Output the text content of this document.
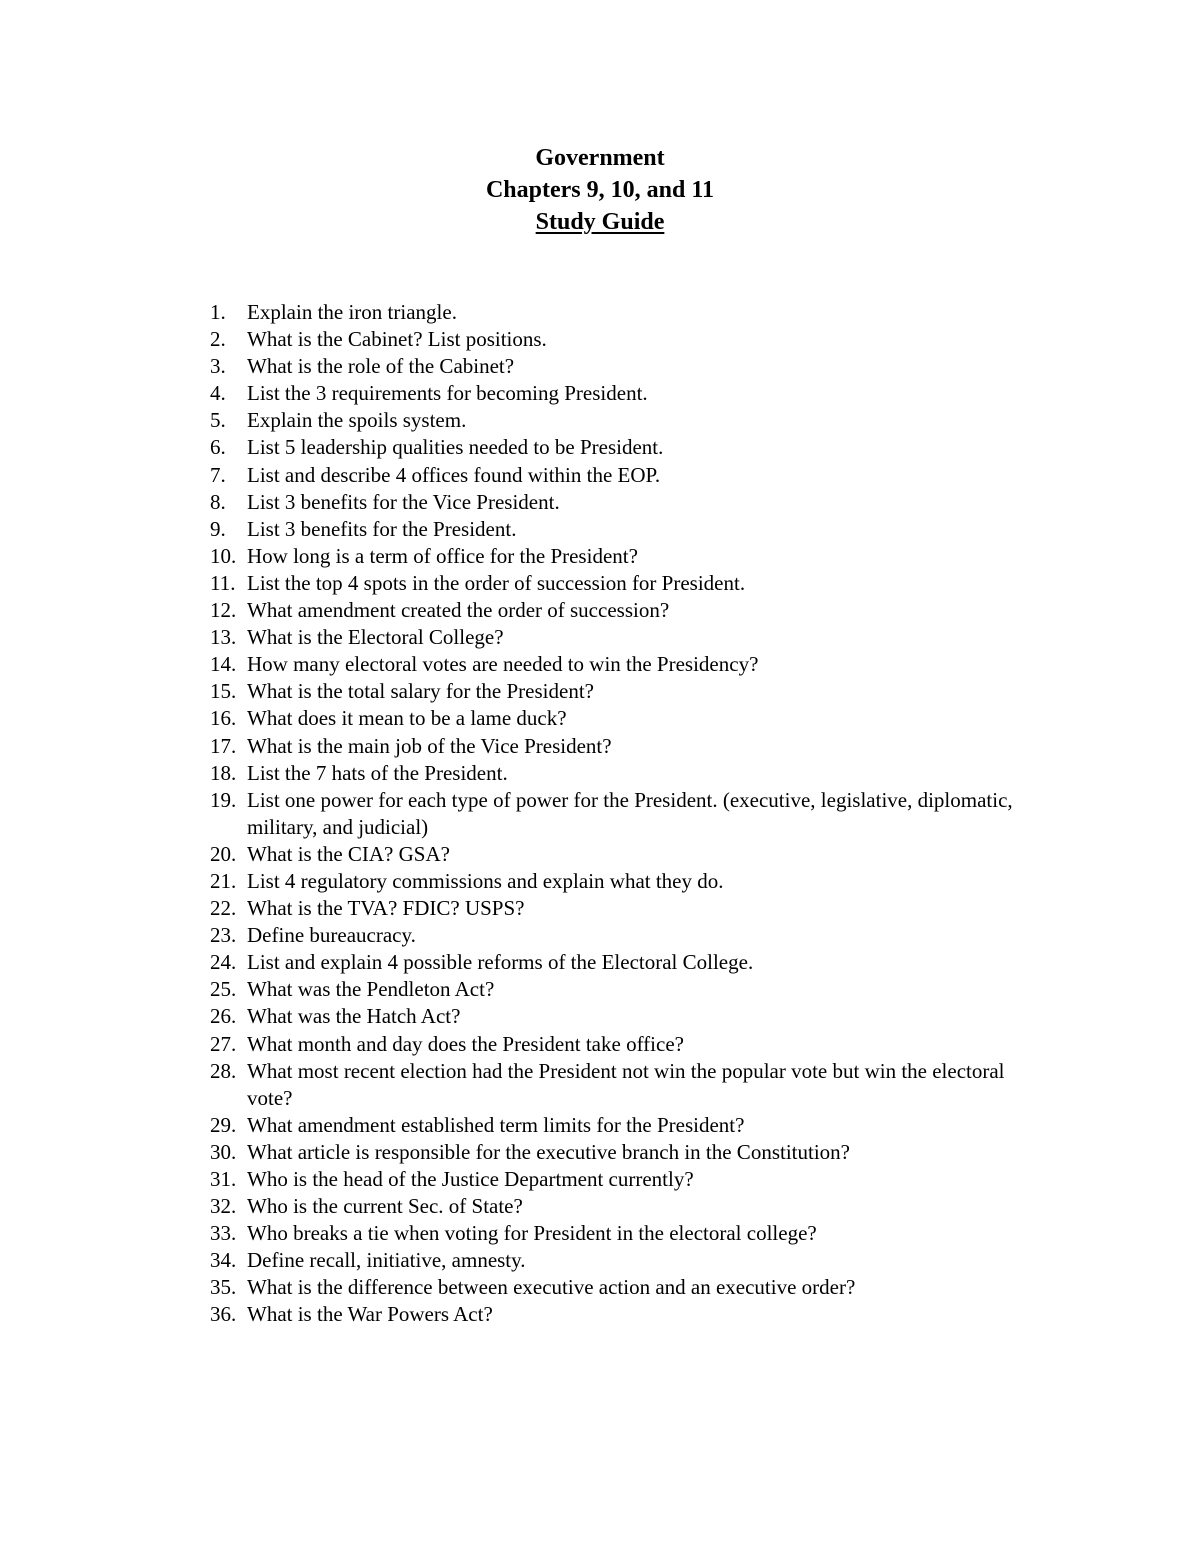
Government
Chapters 9, 10, and 11
Study Guide
1.	Explain the iron triangle.
2.	What is the Cabinet? List positions.
3.	What is the role of the Cabinet?
4.	List the 3 requirements for becoming President.
5.	Explain the spoils system.
6.	List 5 leadership qualities needed to be President.
7.	List and describe 4 offices found within the EOP.
8.	List 3 benefits for the Vice President.
9.	List 3 benefits for the President.
10. How long is a term of office for the President?
11. List the top 4 spots in the order of succession for President.
12. What amendment created the order of succession?
13. What is the Electoral College?
14. How many electoral votes are needed to win the Presidency?
15. What is the total salary for the President?
16. What does it mean to be a lame duck?
17. What is the main job of the Vice President?
18. List the 7 hats of the President.
19. List one power for each type of power for the President. (executive, legislative, diplomatic, military, and judicial)
20. What is the CIA? GSA?
21. List 4 regulatory commissions and explain what they do.
22. What is the TVA? FDIC? USPS?
23. Define bureaucracy.
24. List and explain 4 possible reforms of the Electoral College.
25. What was the Pendleton Act?
26. What was the Hatch Act?
27. What month and day does the President take office?
28. What most recent election had the President not win the popular vote but win the electoral vote?
29. What amendment established term limits for the President?
30. What article is responsible for the executive branch in the Constitution?
31. Who is the head of the Justice Department currently?
32. Who is the current Sec. of State?
33. Who breaks a tie when voting for President in the electoral college?
34. Define recall, initiative, amnesty.
35. What is the difference between executive action and an executive order?
36. What is the War Powers Act?
